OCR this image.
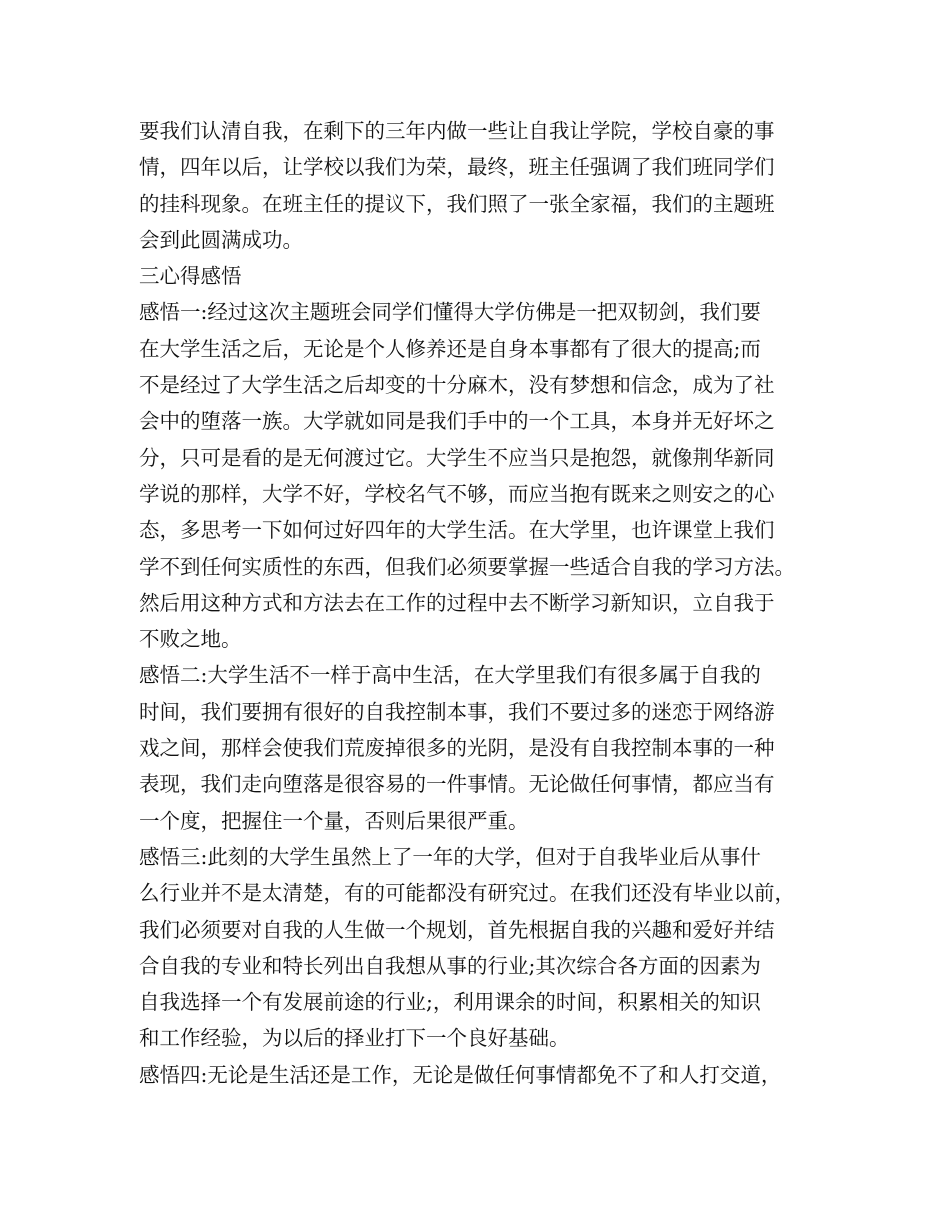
要我们认清自我，在剩下的三年内做一些让自我让学院，学校自豪的事
情，四年以后，让学校以我们为荣，最终，班主任强调了我们班同学们
的挂科现象。在班主任的提议下，我们照了一张全家福，我们的主题班
会到此圆满成功。
三心得感悟
感悟一:经过这次主题班会同学们懂得大学仿佛是一把双韧剑，我们要
在大学生活之后，无论是个人修养还是自身本事都有了很大的提高;而
不是经过了大学生活之后却变的十分麻木，没有梦想和信念，成为了社
会中的堕落一族。大学就如同是我们手中的一个工具，本身并无好坏之
分，只可是看的是无何渡过它。大学生不应当只是抱怨，就像荆华新同
学说的那样，大学不好，学校名气不够，而应当抱有既来之则安之的心
态，多思考一下如何过好四年的大学生活。在大学里，也许课堂上我们
学不到任何实质性的东西，但我们必须要掌握一些适合自我的学习方法。
然后用这种方式和方法去在工作的过程中去不断学习新知识，立自我于
不败之地。
感悟二:大学生活不一样于高中生活，在大学里我们有很多属于自我的
时间，我们要拥有很好的自我控制本事，我们不要过多的迷恋于网络游
戏之间，那样会使我们荒废掉很多的光阴，是没有自我控制本事的一种
表现，我们走向堕落是很容易的一件事情。无论做任何事情，都应当有
一个度，把握住一个量，否则后果很严重。
感悟三:此刻的大学生虽然上了一年的大学，但对于自我毕业后从事什
么行业并不是太清楚，有的可能都没有研究过。在我们还没有毕业以前，
我们必须要对自我的人生做一个规划，首先根据自我的兴趣和爱好并结
合自我的专业和特长列出自我想从事的行业;其次综合各方面的因素为
自我选择一个有发展前途的行业;，利用课余的时间，积累相关的知识
和工作经验，为以后的择业打下一个良好基础。
感悟四:无论是生活还是工作，无论是做任何事情都免不了和人打交道，
